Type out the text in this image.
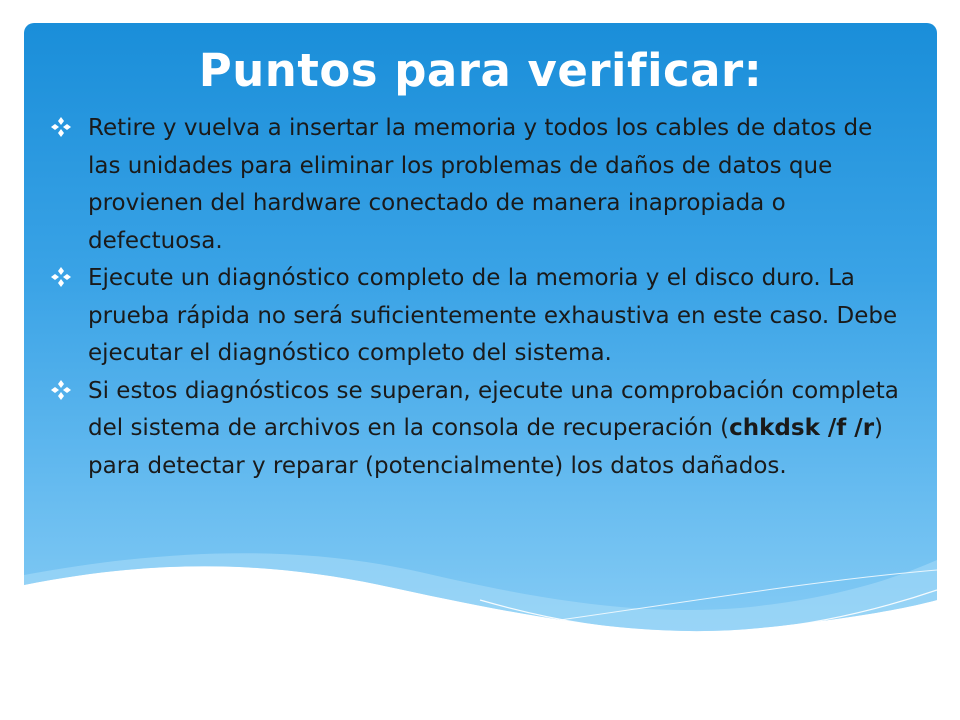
Puntos para verificar:
Retire y vuelva a insertar la memoria y todos los cables de datos de las unidades para eliminar los problemas de daños de datos que provienen del hardware conectado de manera inapropiada o defectuosa.
Ejecute un diagnóstico completo de la memoria y el disco duro. La prueba rápida no será suficientemente exhaustiva en este caso. Debe ejecutar el diagnóstico completo del sistema.
Si estos diagnósticos se superan, ejecute una comprobación completa del sistema de archivos en la consola de recuperación (chkdsk /f /r) para detectar y reparar (potencialmente) los datos dañados.
